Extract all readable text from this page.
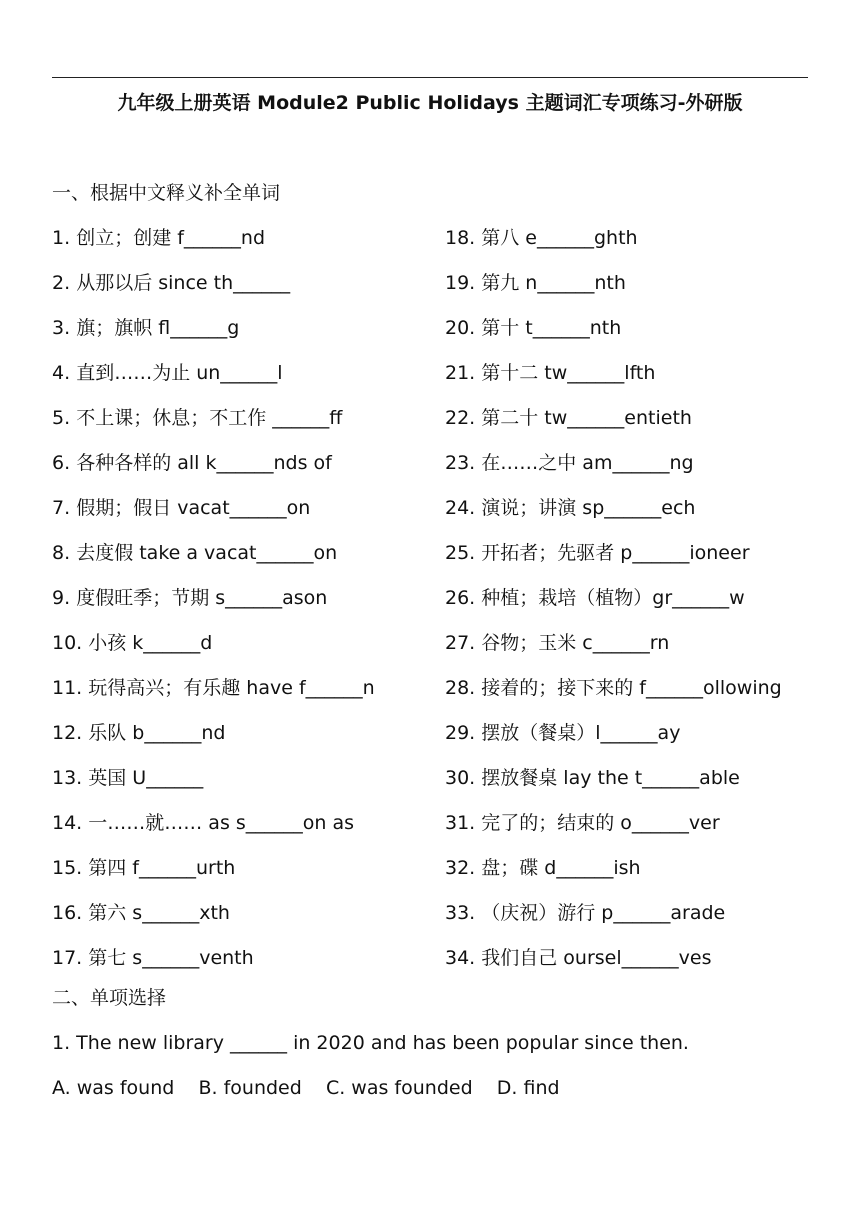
九年级上册英语 Module2 Public Holidays 主题词汇专项练习-外研版
一、根据中文释义补全单词
1. 创立；创建 f______nd
2. 从那以后 since th______
3. 旗；旗帜 fl______g
4. 直到……为止 un______l
5. 不上课；休息；不工作 ______ff
6. 各种各样的 all k______nds of
7. 假期；假日 vacat______on
8. 去度假 take a vacat______on
9. 度假旺季；节期 s______ason
10. 小孩 k______d
11. 玩得高兴；有乐趣 have f______n
12. 乐队 b______nd
13. 英国 U______
14. 一……就…… as s______on as
15. 第四 f______urth
16. 第六 s______xth
17. 第七 s______venth
18. 第八 e______ghth
19. 第九 n______nth
20. 第十 t______nth
21. 第十二 tw______lfth
22. 第二十 tw______entieth
23. 在……之中 am______ng
24. 演说；讲演 sp______ech
25. 开拓者；先驱者 p______ioneer
26. 种植；栽培（植物）gr______w
27. 谷物；玉米 c______rn
28. 接着的；接下来的 f______ollowing
29. 摆放（餐桌）l______ay
30. 摆放餐桌 lay the t______able
31. 完了的；结束的 o______ver
32. 盘；碟 d______ish
33. （庆祝）游行 p______arade
34. 我们自己 oursel______ves
二、单项选择
1. The new library ______ in 2020 and has been popular since then.
A. was found    B. founded    C. was founded    D. find
